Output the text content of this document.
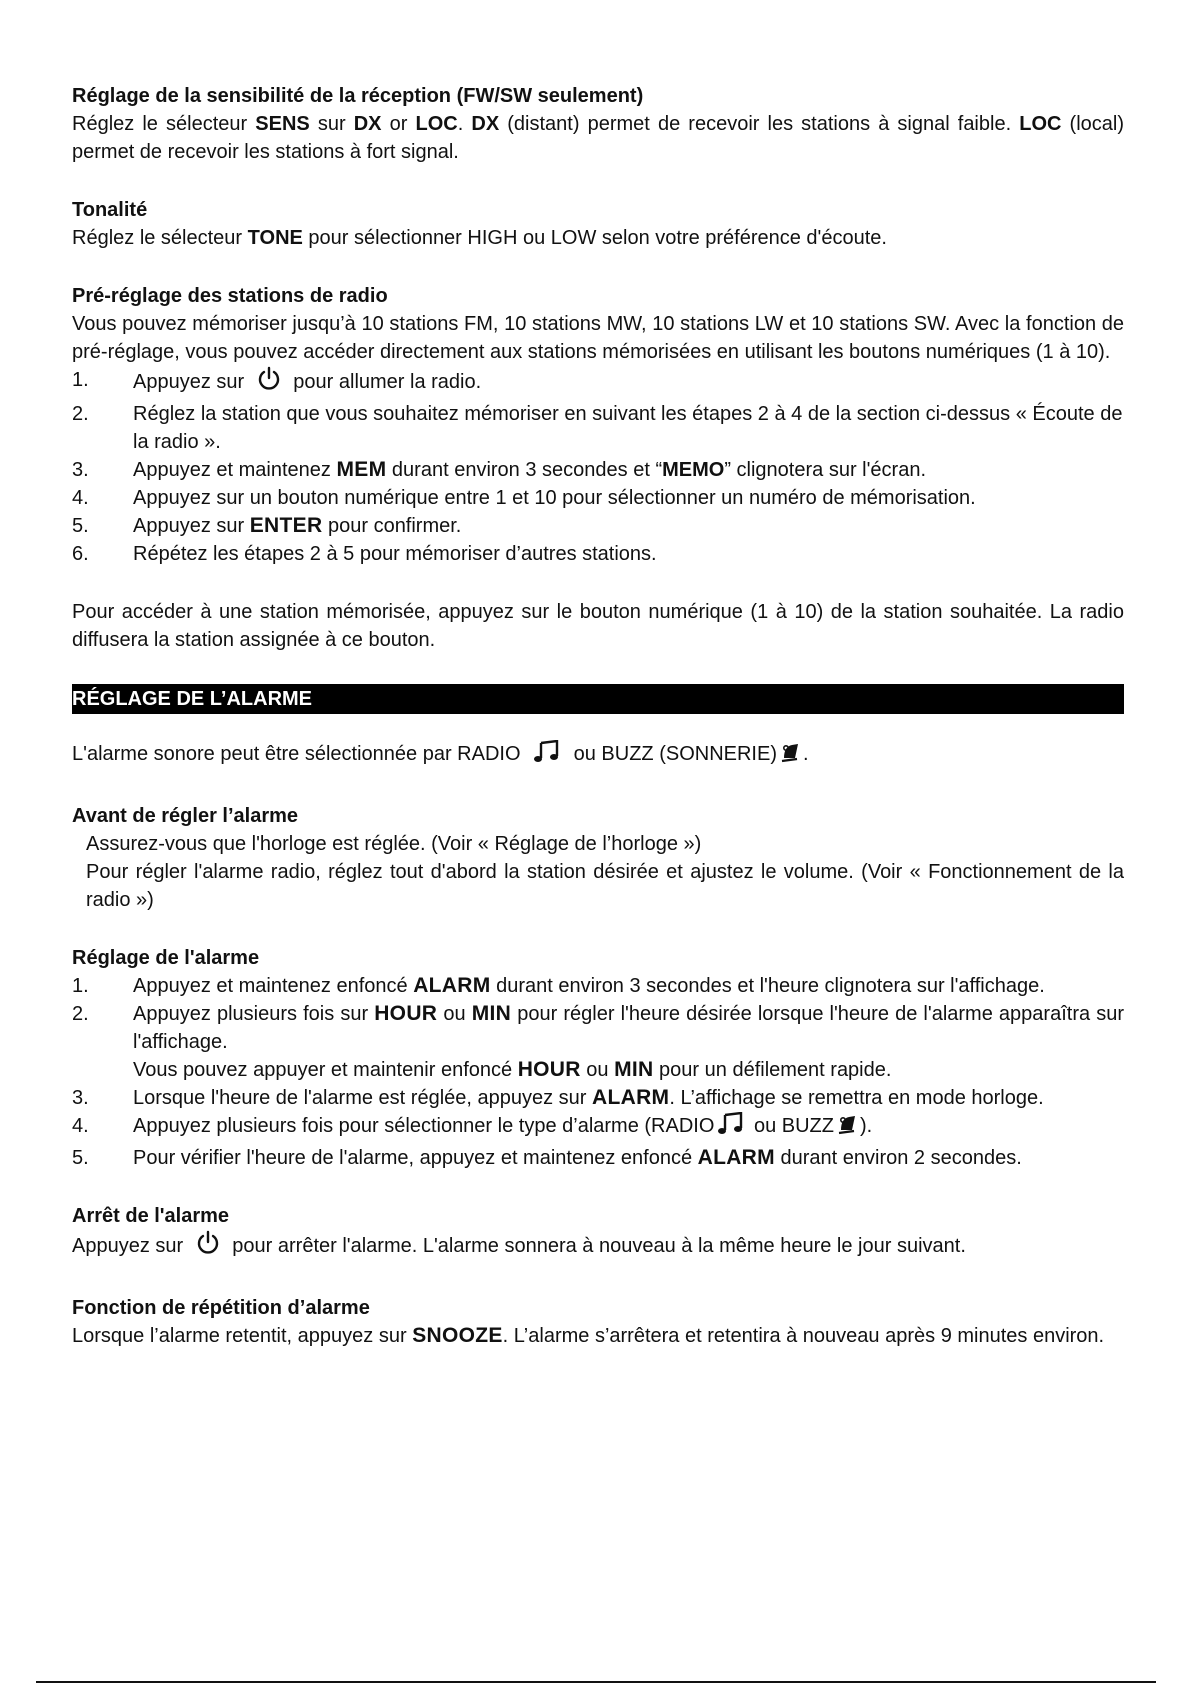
Réglage de la sensibilité de la réception (FW/SW seulement)

Réglez le sélecteur SENS sur DX or LOC. DX (distant) permet de recevoir les stations à signal faible. LOC (local) permet de recevoir les stations à fort signal.

Tonalité

Réglez le sélecteur TONE pour sélectionner HIGH ou LOW selon votre préférence d'écoute.

Pré-réglage des stations de radio

Vous pouvez mémoriser jusqu’à 10 stations FM, 10 stations MW, 10 stations LW et 10 stations SW. Avec la fonction de pré-réglage, vous pouvez accéder directement aux stations mémorisées en utilisant les boutons numériques (1 à 10).

1. Appuyez sur  pour allumer la radio.
2. Réglez la station que vous souhaitez mémoriser en suivant les étapes 2 à 4 de la section ci-dessus « Écoute de la radio ».
3. Appuyez et maintenez MEM durant environ 3 secondes et “MEMO” clignotera sur l'écran.
4. Appuyez sur un bouton numérique entre 1 et 10 pour sélectionner un numéro de mémorisation.
5. Appuyez sur ENTER pour confirmer.
6. Répétez les étapes 2 à 5 pour mémoriser d’autres stations.

Pour accéder à une station mémorisée, appuyez sur le bouton numérique (1 à 10) de la station souhaitée. La radio diffusera la station assignée à ce bouton.

RÉGLAGE DE L’ALARME

L'alarme sonore peut être sélectionnée par RADIO  ou BUZZ (SONNERIE) .

Avant de régler l’alarme

Assurez-vous que l'horloge est réglée. (Voir « Réglage de l’horloge »)

Pour régler l'alarme radio, réglez tout d'abord la station désirée et ajustez le volume. (Voir « Fonctionnement de la radio »)

Réglage de l'alarme

1. Appuyez et maintenez enfoncé ALARM durant environ 3 secondes et l'heure clignotera sur l'affichage.
2. Appuyez plusieurs fois sur HOUR ou MIN pour régler l'heure désirée lorsque l'heure de l'alarme apparaîtra sur l'affichage.
Vous pouvez appuyer et maintenir enfoncé HOUR ou MIN pour un défilement rapide.
3. Lorsque l'heure de l'alarme est réglée, appuyez sur ALARM. L’affichage se remettra en mode horloge.
4. Appuyez plusieurs fois pour sélectionner le type d’alarme (RADIO ou BUZZ ).
5. Pour vérifier l'heure de l'alarme, appuyez et maintenez enfoncé ALARM durant environ 2 secondes.

Arrêt de l'alarme

Appuyez sur  pour arrêter l'alarme. L'alarme sonnera à nouveau à la même heure le jour suivant.

Fonction de répétition d’alarme

Lorsque l’alarme retentit, appuyez sur SNOOZE. L’alarme s’arrêtera et retentira à nouveau après 9 minutes environ.
